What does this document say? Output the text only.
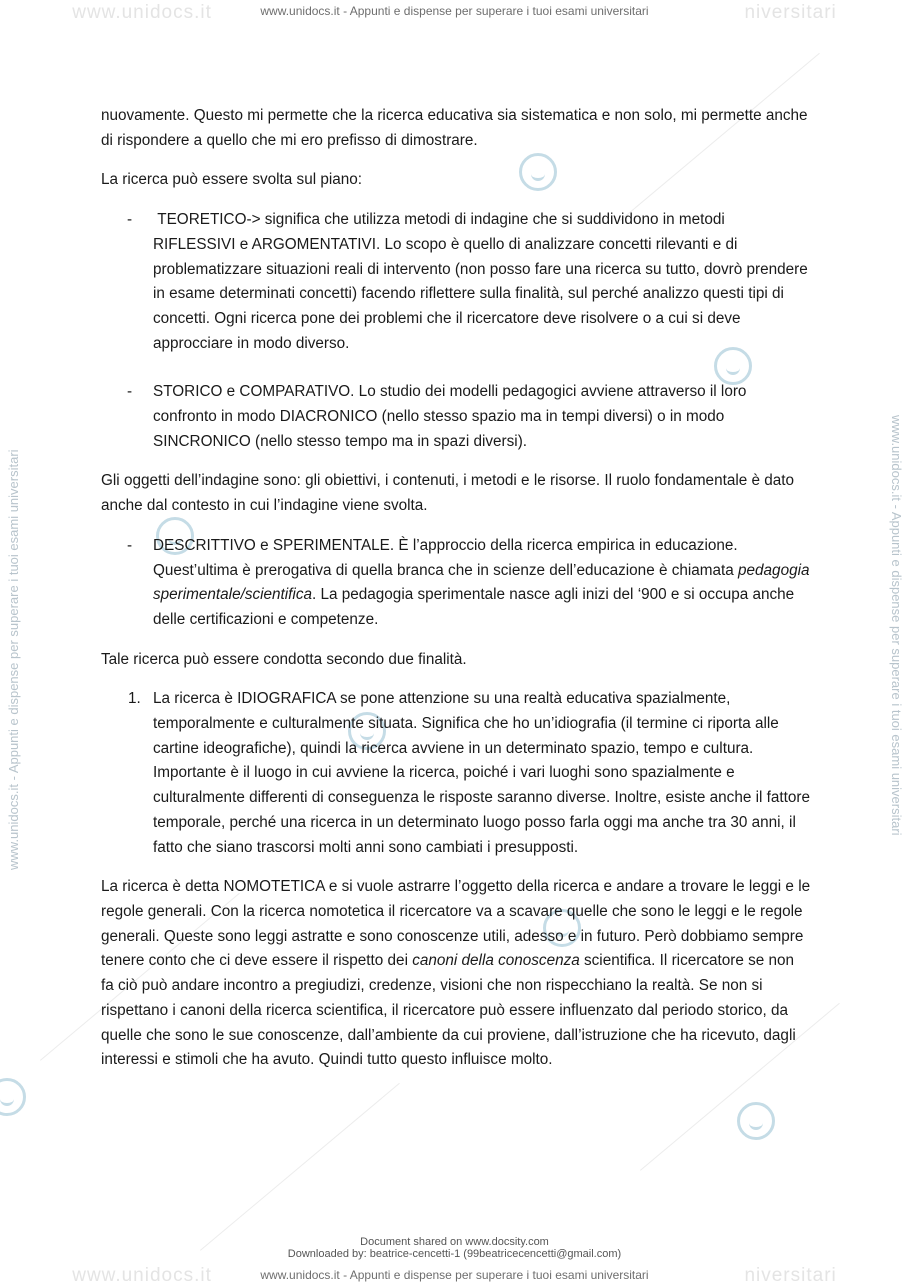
www.unidocs.it	niversitari
www.unidocs.it	niversitari
www.unidocs.it - Appunti e dispense per superare i tuoi esami universitari
www.unidocs.it - Appunti e dispense per superare i tuoi esami universitari
www.unidocs.it - Appunti e dispense per superare i tuoi esami universitari	www.unidocs.it - Appunti e dispense per superare i tuoi esami universitari

nuovamente. Questo mi permette che la ricerca educativa sia sistematica e non solo, mi permette anche di rispondere a quello che mi ero prefisso di dimostrare.

La ricerca può essere svolta sul piano:

- TEORETICO-> significa che utilizza metodi di indagine che si suddividono in metodi RIFLESSIVI e ARGOMENTATIVI. Lo scopo è quello di analizzare concetti rilevanti e di problematizzare situazioni reali di intervento (non posso fare una ricerca su tutto, dovrò prendere in esame determinati concetti) facendo riflettere sulla finalità, sul perché analizzo questi tipi di concetti. Ogni ricerca pone dei problemi che il ricercatore deve risolvere o a cui si deve approcciare in modo diverso.

- STORICO e COMPARATIVO. Lo studio dei modelli pedagogici avviene attraverso il loro confronto in modo DIACRONICO (nello stesso spazio ma in tempi diversi) o in modo SINCRONICO (nello stesso tempo ma in spazi diversi).

Gli oggetti dell’indagine sono: gli obiettivi, i contenuti, i metodi e le risorse. Il ruolo fondamentale è dato anche dal contesto in cui l’indagine viene svolta.

- DESCRITTIVO e SPERIMENTALE. È l’approccio della ricerca empirica in educazione. Quest’ultima è prerogativa di quella branca che in scienze dell’educazione è chiamata pedagogia sperimentale/scientifica. La pedagogia sperimentale nasce agli inizi del ‘900 e si occupa anche delle certificazioni e competenze.

Tale ricerca può essere condotta secondo due finalità.

1. La ricerca è IDIOGRAFICA se pone attenzione su una realtà educativa spazialmente, temporalmente e culturalmente situata. Significa che ho un’idiografia (il termine ci riporta alle cartine ideografiche), quindi la ricerca avviene in un determinato spazio, tempo e cultura. Importante è il luogo in cui avviene la ricerca, poiché i vari luoghi sono spazialmente e culturalmente differenti di conseguenza le risposte saranno diverse. Inoltre, esiste anche il fattore temporale, perché una ricerca in un determinato luogo posso farla oggi ma anche tra 30 anni, il fatto che siano trascorsi molti anni sono cambiati i presupposti.

La ricerca è detta NOMOTETICA e si vuole astrarre l’oggetto della ricerca e andare a trovare le leggi e le regole generali. Con la ricerca nomotetica il ricercatore va a scavare quelle che sono le leggi e le regole generali. Queste sono leggi astratte e sono conoscenze utili, adesso e in futuro. Però dobbiamo sempre tenere conto che ci deve essere il rispetto dei canoni della conoscenza scientifica. Il ricercatore se non fa ciò può andare incontro a pregiudizi, credenze, visioni che non rispecchiano la realtà. Se non si rispettano i canoni della ricerca scientifica, il ricercatore può essere influenzato dal periodo storico, da quelle che sono le sue conoscenze, dall’ambiente da cui proviene, dall’istruzione che ha ricevuto, dagli interessi e stimoli che ha avuto. Quindi tutto questo influisce molto.

Document shared on www.docsity.com
Downloaded by: beatrice-cencetti-1 (99beatricecencetti@gmail.com)
